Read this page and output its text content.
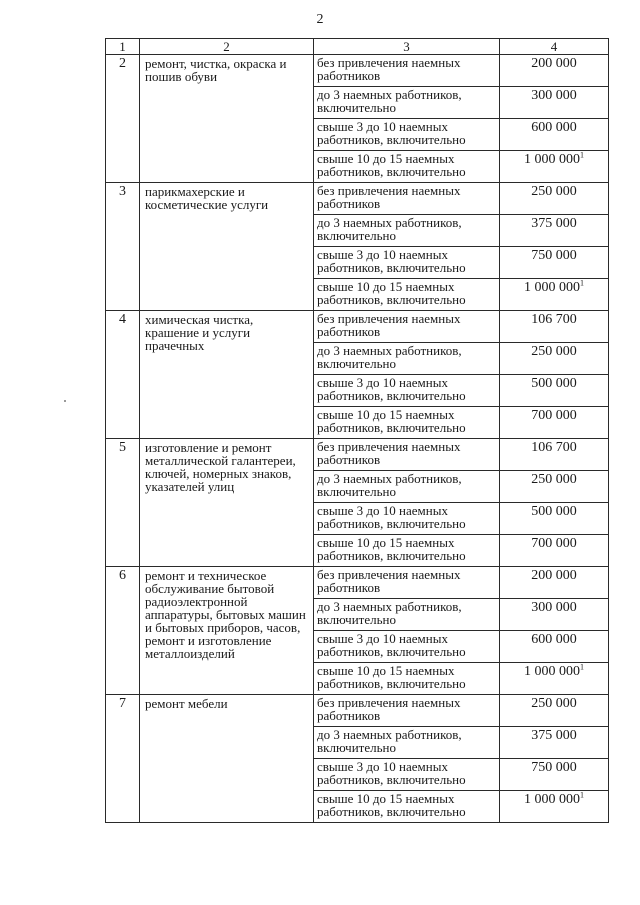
2
1	2	3	4
2	ремонт, чистка, окраска и пошив обуви	без привлечения наемных работников	200 000
		до 3 наемных работников, включительно	300 000
		свыше 3 до 10 наемных работников, включительно	600 000
		свыше 10 до 15 наемных работников, включительно	1 000 000$^1$
3	парикмахерские и косметические услуги	без привлечения наемных работников	250 000
		до 3 наемных работников, включительно	375 000
		свыше 3 до 10 наемных работников, включительно	750 000
		свыше 10 до 15 наемных работников, включительно	1 000 000$^1$
4	химическая чистка, крашение и услуги прачечных	без привлечения наемных работников	106 700
		до 3 наемных работников, включительно	250 000
		свыше 3 до 10 наемных работников, включительно	500 000
		свыше 10 до 15 наемных работников, включительно	700 000
5	изготовление и ремонт металлической галантереи, ключей, номерных знаков, указателей улиц	без привлечения наемных работников	106 700
		до 3 наемных работников, включительно	250 000
		свыше 3 до 10 наемных работников, включительно	500 000
		свыше 10 до 15 наемных работников, включительно	700 000
6	ремонт и техническое обслуживание бытовой радиоэлектронной аппаратуры, бытовых машин и бытовых приборов, часов, ремонт и изготовление металлоизделий	без привлечения наемных работников	200 000
		до 3 наемных работников, включительно	300 000
		свыше 3 до 10 наемных работников, включительно	600 000
		свыше 10 до 15 наемных работников, включительно	1 000 000$^1$
7	ремонт мебели	без привлечения наемных работников	250 000
		до 3 наемных работников, включительно	375 000
		свыше 3 до 10 наемных работников, включительно	750 000
		свыше 10 до 15 наемных работников, включительно	1 000 000$^1$
